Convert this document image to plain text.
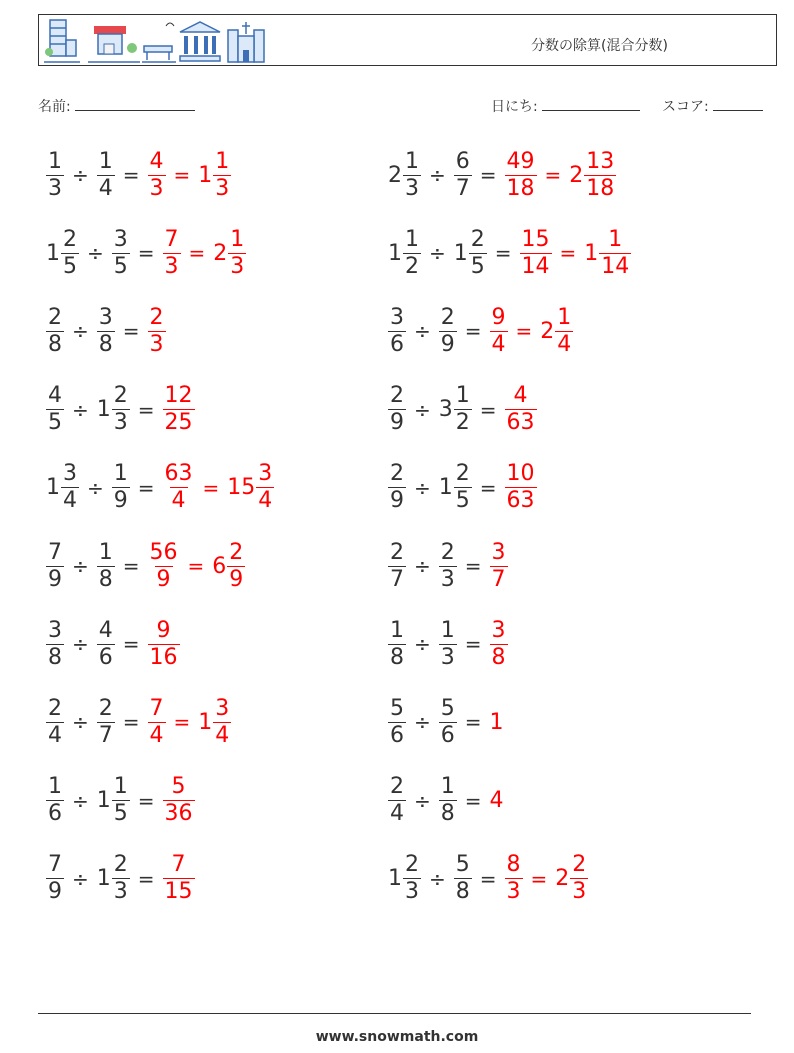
分数の除算(混合分数)
名前:	日にち:	スコア:
$\frac{1}{3} \div \frac{1}{4} = \frac{4}{3} = 1 \frac{1}{3}$	$2 \frac{1}{3} \div \frac{6}{7} = \frac{49}{18} = 2 \frac{13}{18}$
$1 \frac{2}{5} \div \frac{3}{5} = \frac{7}{3} = 2 \frac{1}{3}$	$1 \frac{1}{2} \div 1 \frac{2}{5} = \frac{15}{14} = 1 \frac{1}{14}$
$\frac{2}{8} \div \frac{3}{8} = \frac{2}{3}$	$\frac{3}{6} \div \frac{2}{9} = \frac{9}{4} = 2 \frac{1}{4}$
$\frac{4}{5} \div 1 \frac{2}{3} = \frac{12}{25}$	$\frac{2}{9} \div 3 \frac{1}{2} = \frac{4}{63}$
$1 \frac{3}{4} \div \frac{1}{9} = \frac{63}{4} = 15 \frac{3}{4}$	$\frac{2}{9} \div 1 \frac{2}{5} = \frac{10}{63}$
$\frac{7}{9} \div \frac{1}{8} = \frac{56}{9} = 6 \frac{2}{9}$	$\frac{2}{7} \div \frac{2}{3} = \frac{3}{7}$
$\frac{3}{8} \div \frac{4}{6} = \frac{9}{16}$	$\frac{1}{8} \div \frac{1}{3} = \frac{3}{8}$
$\frac{2}{4} \div \frac{2}{7} = \frac{7}{4} = 1 \frac{3}{4}$	$\frac{5}{6} \div \frac{5}{6} = 1$
$\frac{1}{6} \div 1 \frac{1}{5} = \frac{5}{36}$	$\frac{2}{4} \div \frac{1}{8} = 4$
$\frac{7}{9} \div 1 \frac{2}{3} = \frac{7}{15}$	$1 \frac{2}{3} \div \frac{5}{8} = \frac{8}{3} = 2 \frac{2}{3}$
www.snowmath.com
